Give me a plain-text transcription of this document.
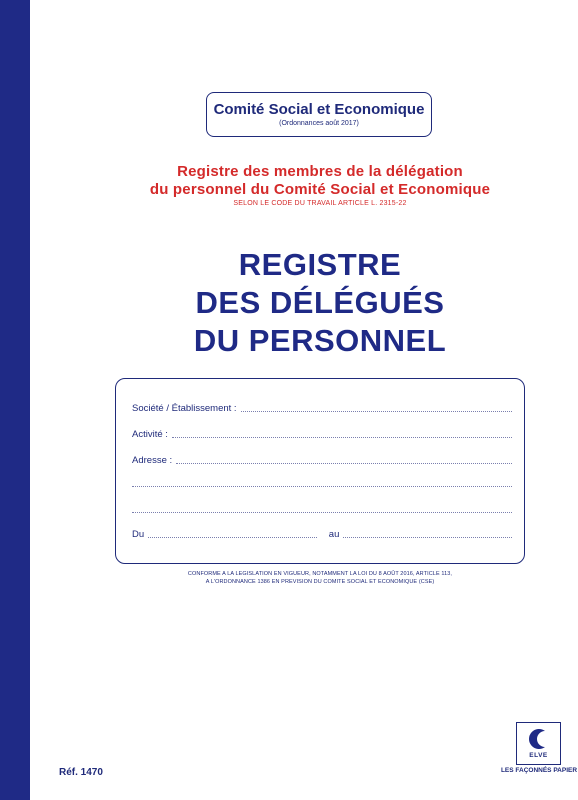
Comité Social et Economique
(Ordonnances août 2017)
Registre des membres de la délégation
du personnel du Comité Social et Economique
SELON LE CODE DU TRAVAIL ARTICLE L. 2315-22
REGISTRE
DES DÉLÉGUÉS
DU PERSONNEL
Société / Établissement :
Activité :
Adresse :
Du	au
CONFORME A LA LEGISLATION EN VIGUEUR, NOTAMMENT LA LOI DU 8 AOÛT 2016, ARTICLE 113,
A L'ORDONNANCE 1386 EN PREVISION DU COMITE SOCIAL ET ECONOMIQUE (CSE)
Réf. 1470
ELVE
LES FAÇONNÉS PAPIER
